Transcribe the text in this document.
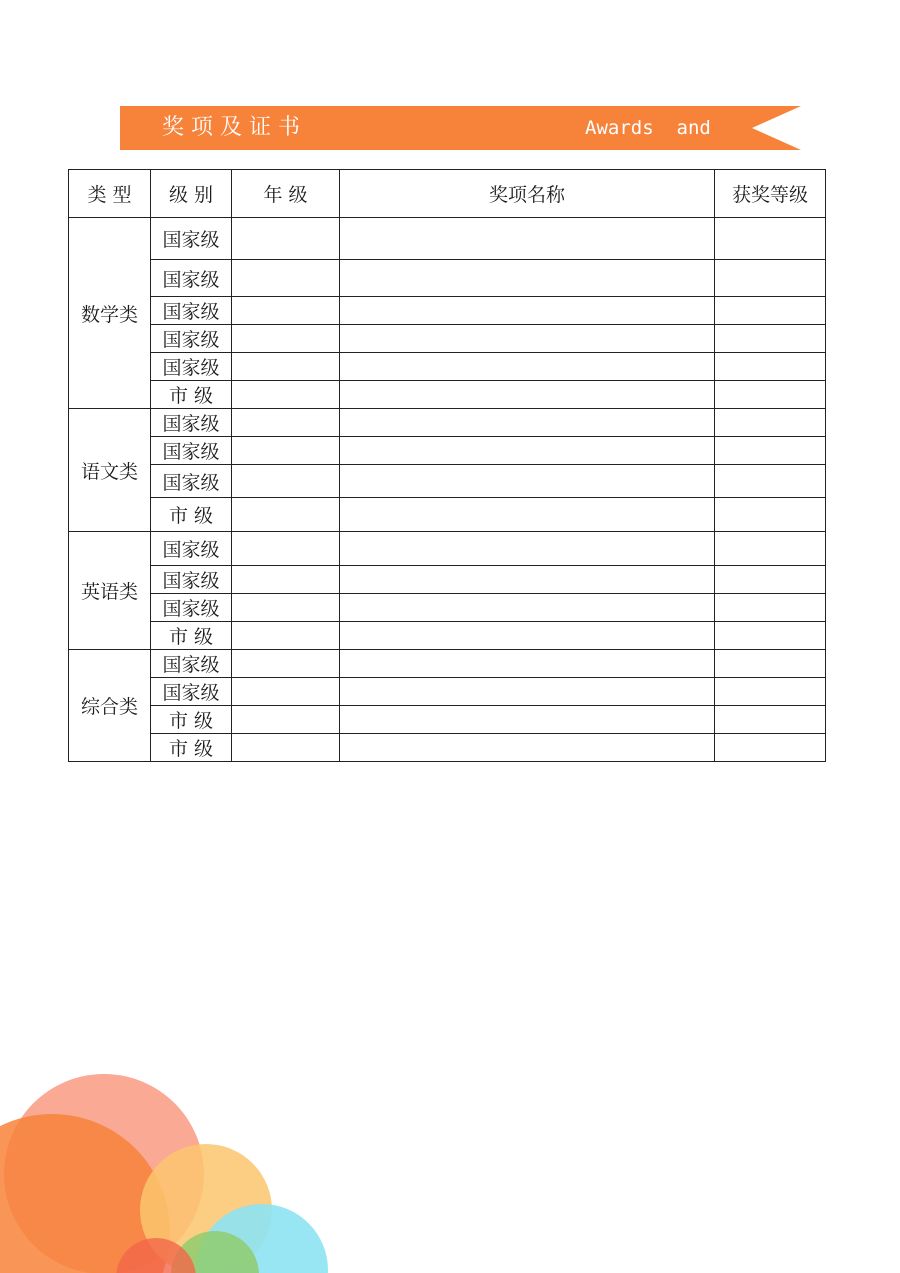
奖项及证书	Awards  and
类 型	级 别	年 级	奖项名称	获奖等级
数学类	国家级			
	国家级			
	国家级			
	国家级			
	国家级			
	市 级			
语文类	国家级			
	国家级			
	国家级			
	市 级			
英语类	国家级			
	国家级			
	国家级			
	市 级			
综合类	国家级			
	国家级			
	市 级			
	市 级			
